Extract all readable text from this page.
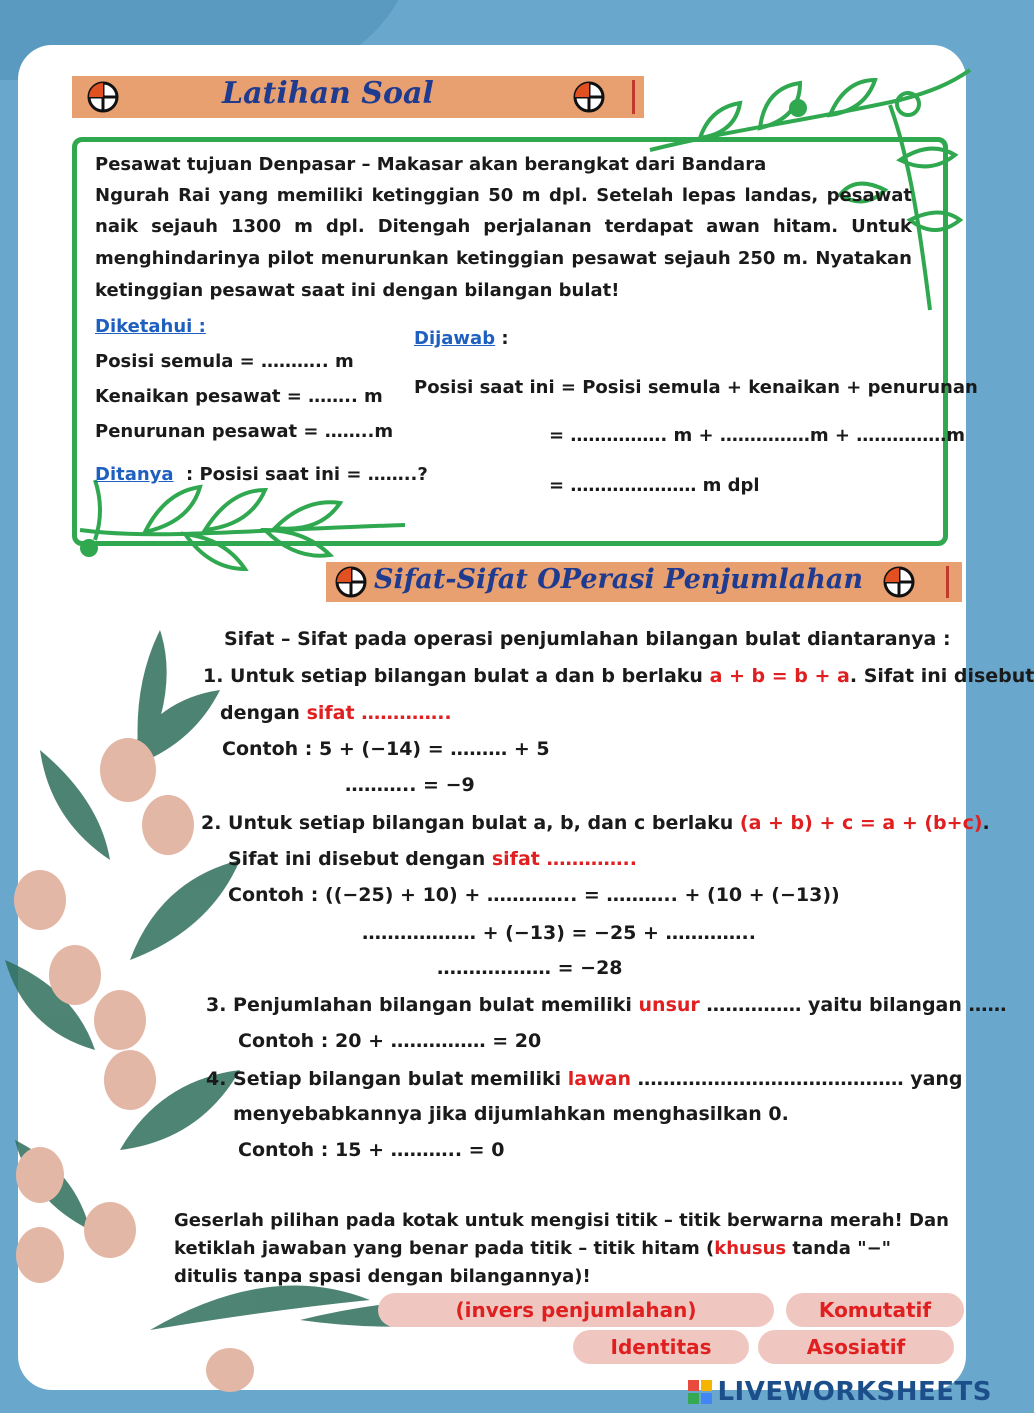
Latihan Soal
Pesawat tujuan Denpasar – Makasar akan berangkat dari Bandara
Ngurah Rai yang memiliki ketinggian 50 m dpl. Setelah lepas landas, pesawat
naik sejauh 1300 m dpl. Ditengah perjalanan terdapat awan hitam. Untuk
menghindarinya pilot menurunkan ketinggian pesawat sejauh 250 m. Nyatakan
ketinggian pesawat saat ini dengan bilangan bulat!
Diketahui :
Posisi semula = ……….. m
Kenaikan pesawat = …….. m
Penurunan pesawat = ……..m
Ditanya : Posisi saat ini = ……..?
Dijawab :
Posisi saat ini = Posisi semula + kenaikan + penurunan
= ……………. m + ……………m + ……………m
= ………………… m dpl
Sifat-Sifat OPerasi Penjumlahan
Sifat – Sifat pada operasi penjumlahan bilangan bulat diantaranya :
1. Untuk setiap bilangan bulat a dan b berlaku a + b = b + a. Sifat ini disebut
dengan sifat …………..
Contoh : 5 + (−14) = ……… + 5
……….. = −9
2. Untuk setiap bilangan bulat a, b, dan c berlaku (a + b) + c = a + (b+c).
Sifat ini disebut dengan sifat …………..
Contoh : ((−25) + 10) + ………….. = ……….. + (10 + (−13))
……………… + (−13) = −25 + …………..
……………… = −28
3. Penjumlahan bilangan bulat memiliki unsur …………… yaitu bilangan ……
Contoh : 20 + …………… = 20
4. Setiap bilangan bulat memiliki lawan …………………………………… yang
menyebabkannya jika dijumlahkan menghasilkan 0.
Contoh : 15 + ……….. = 0
Geserlah pilihan pada kotak untuk mengisi titik – titik berwarna merah! Dan
ketiklah jawaban yang benar pada titik – titik hitam (khusus tanda "−"
ditulis tanpa spasi dengan bilangannya)!
(invers penjumlahan)	Komutatif
Identitas	Asosiatif
LIVEWORKSHEETS
